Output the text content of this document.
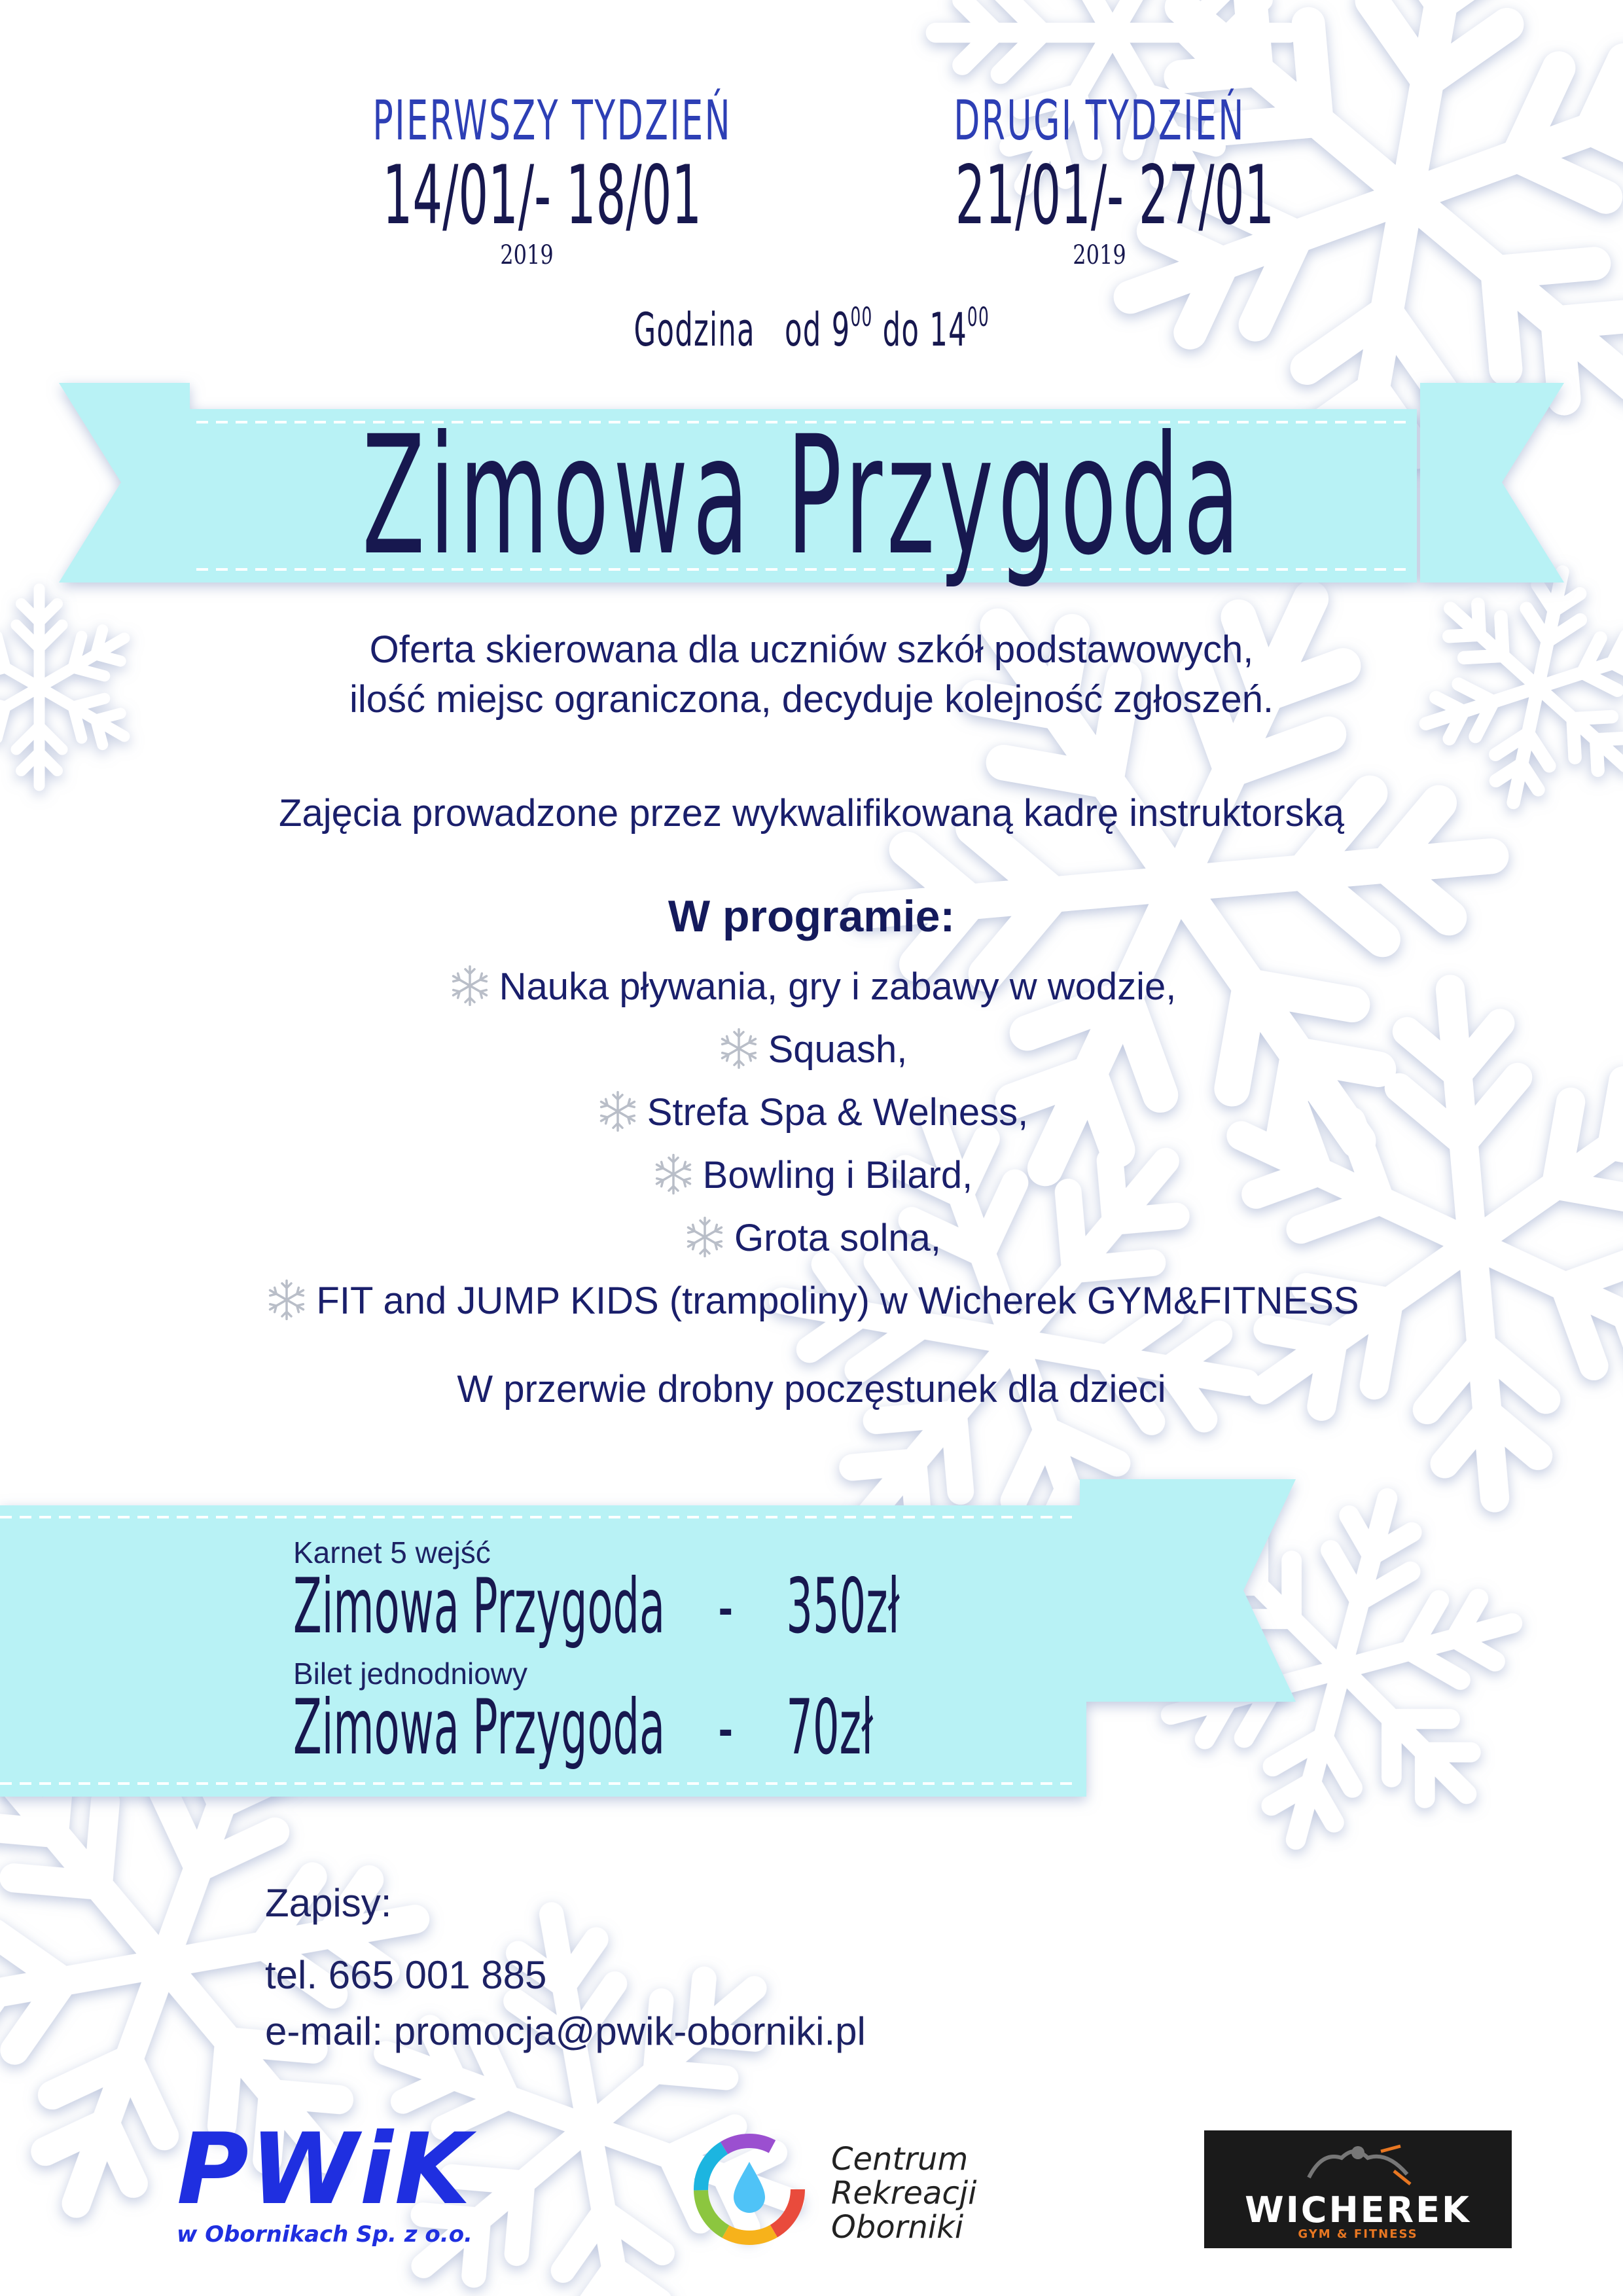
PIERWSZY TYDZIEŃ
14/01/- 18/01
2019
DRUGI TYDZIEŃ
21/01/- 27/01
2019
Godzina od $9^{00}$ do $14^{00}$
Zimowa Przygoda
Oferta skierowana dla uczniów szkół podstawowych,
ilość miejsc ograniczona, decyduje kolejność zgłoszeń.
Zajęcia prowadzone przez wykwalifikowaną kadrę instruktorską
W programie:
Nauka pływania, gry i zabawy w wodzie,
Squash,
Strefa Spa & Welness,
Bowling i Bilard,
Grota solna,
FIT and JUMP KIDS (trampoliny) w Wicherek GYM&FITNESS
W przerwie drobny poczęstunek dla dzieci
Karnet 5 wejść
Zimowa Przygoda - 350zł
Bilet jednodniowy
Zimowa Przygoda - 70zł
Zapisy:
tel. 665 001 885
e-mail: promocja@pwik-oborniki.pl
PWiK
w Obornikach Sp. z o.o.
Centrum
Rekreacji
Oborniki	WICHEREK
GYM & FITNESS
